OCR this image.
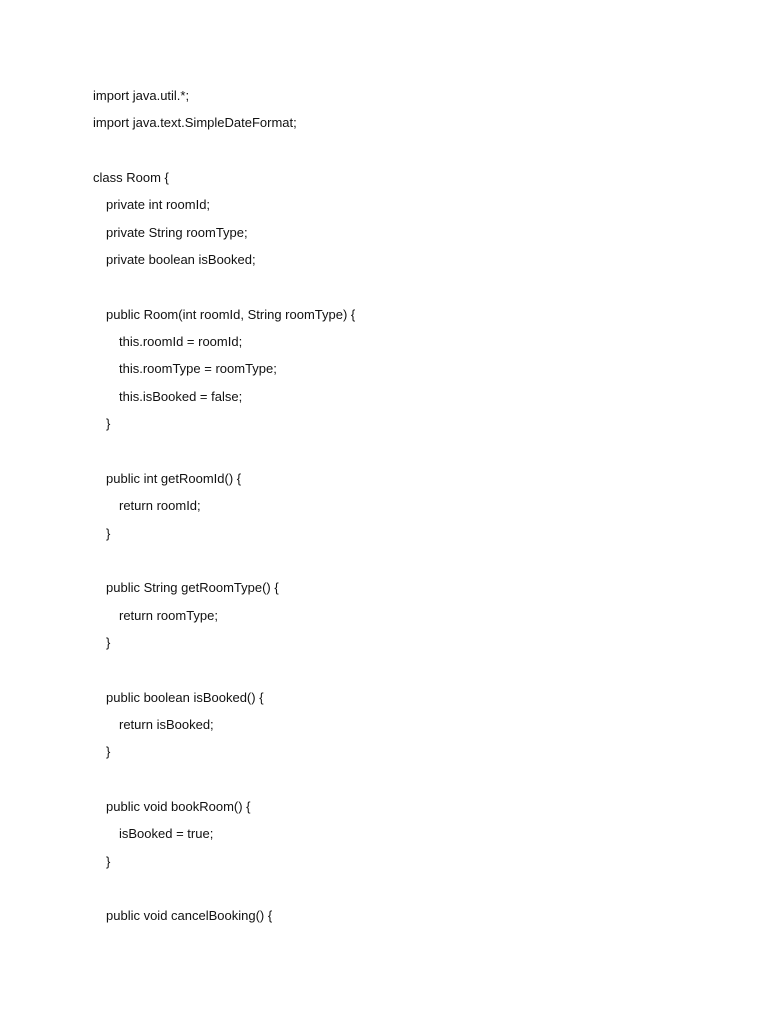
import java.util.*;
import java.text.SimpleDateFormat;
class Room {
private int roomId;
private String roomType;
private boolean isBooked;
public Room(int roomId, String roomType) {
this.roomId = roomId;
this.roomType = roomType;
this.isBooked = false;
}
public int getRoomId() {
return roomId;
}
public String getRoomType() {
return roomType;
}
public boolean isBooked() {
return isBooked;
}
public void bookRoom() {
isBooked = true;
}
public void cancelBooking() {
